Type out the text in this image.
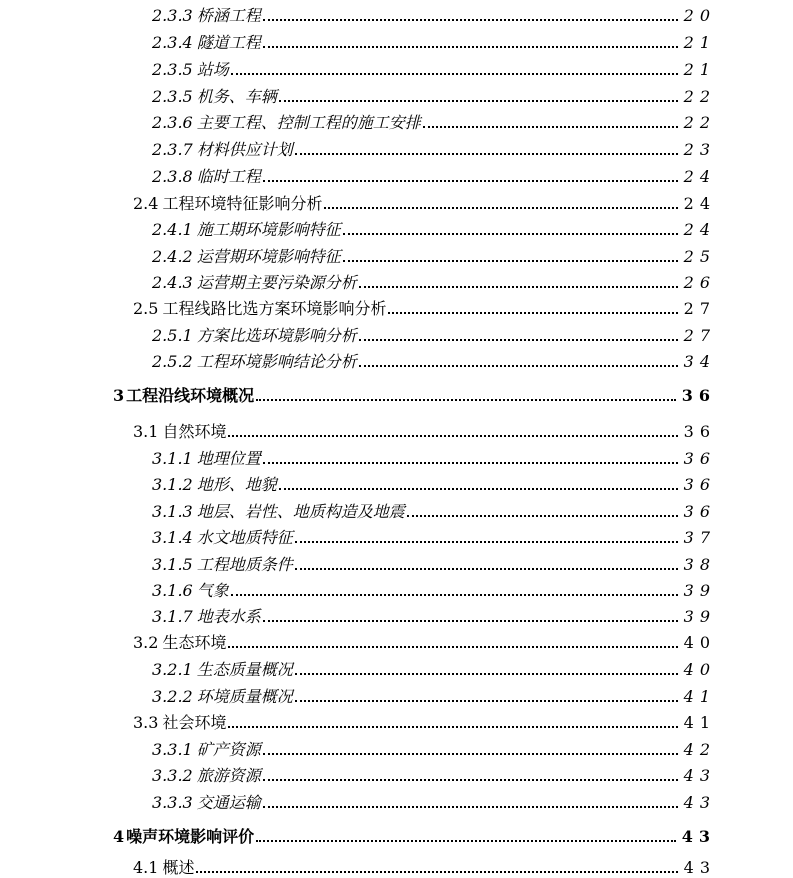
2.3.3 桥涵工程	20
2.3.4 隧道工程	21
2.3.5 站场	21
2.3.5 机务、车辆	22
2.3.6 主要工程、控制工程的施工安排	22
2.3.7 材料供应计划	23
2.3.8 临时工程	24
2.4 工程环境特征影响分析	24
2.4.1 施工期环境影响特征	24
2.4.2 运营期环境影响特征	25
2.4.3 运营期主要污染源分析	26
2.5 工程线路比选方案环境影响分析	27
2.5.1 方案比选环境影响分析	27
2.5.2 工程环境影响结论分析	34
3 工程沿线环境概况	36
3.1 自然环境	36
3.1.1 地理位置	36
3.1.2 地形、地貌	36
3.1.3 地层、岩性、地质构造及地震	36
3.1.4 水文地质特征	37
3.1.5 工程地质条件	38
3.1.6 气象	39
3.1.7 地表水系	39
3.2 生态环境	40
3.2.1 生态质量概况	40
3.2.2 环境质量概况	41
3.3 社会环境	41
3.3.1 矿产资源	42
3.3.2 旅游资源	43
3.3.3 交通运输	43
4 噪声环境影响评价	43
4.1 概述	43
